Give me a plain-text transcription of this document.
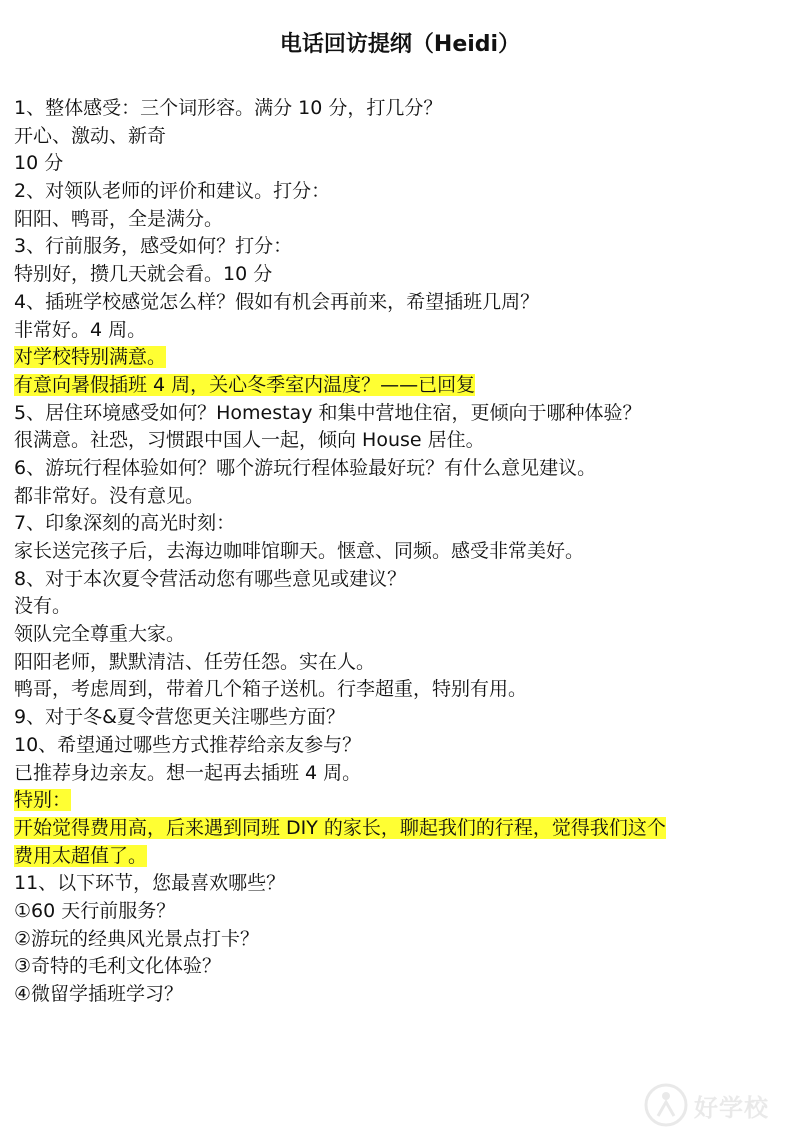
电话回访提纲（Heidi）
1、整体感受：三个词形容。满分 10 分，打几分？
开心、激动、新奇
10 分
2、对领队老师的评价和建议。打分：
阳阳、鸭哥，全是满分。
3、行前服务，感受如何？打分：
特别好，攒几天就会看。10 分
4、插班学校感觉怎么样？假如有机会再前来，希望插班几周？
非常好。4 周。
对学校特别满意。
有意向暑假插班 4 周，关心冬季室内温度？——已回复
5、居住环境感受如何？Homestay 和集中营地住宿，更倾向于哪种体验？
很满意。社恐，习惯跟中国人一起，倾向 House 居住。
6、游玩行程体验如何？哪个游玩行程体验最好玩？有什么意见建议。
都非常好。没有意见。
7、印象深刻的高光时刻：
家长送完孩子后，去海边咖啡馆聊天。惬意、同频。感受非常美好。
8、对于本次夏令营活动您有哪些意见或建议？
没有。
领队完全尊重大家。
阳阳老师，默默清洁、任劳任怨。实在人。
鸭哥，考虑周到，带着几个箱子送机。行李超重，特别有用。
9、对于冬&夏令营您更关注哪些方面？
10、希望通过哪些方式推荐给亲友参与？
已推荐身边亲友。想一起再去插班 4 周。
特别：
开始觉得费用高，后来遇到同班 DIY 的家长，聊起我们的行程，觉得我们这个
费用太超值了。
11、以下环节，您最喜欢哪些？
①60 天行前服务？
②游玩的经典风光景点打卡？
③奇特的毛利文化体验？
④微留学插班学习？
好学校
